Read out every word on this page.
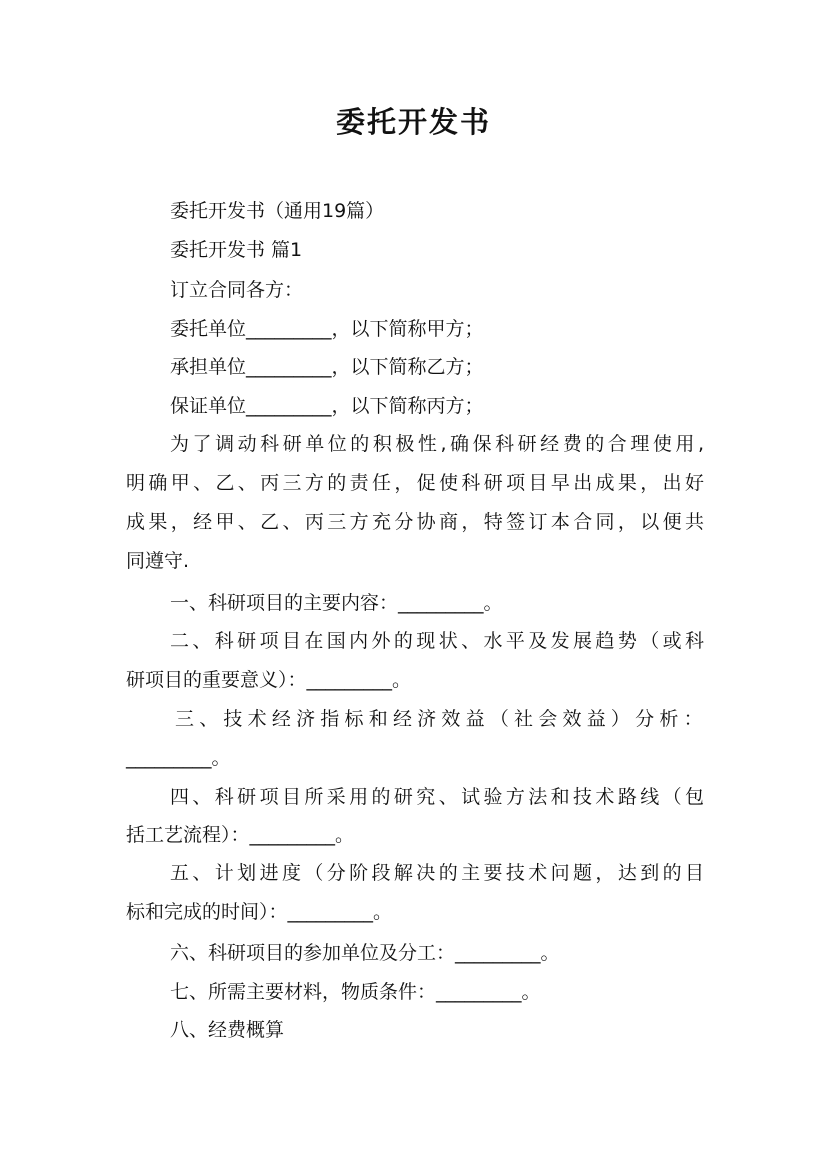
委托开发书

委托开发书（通用19篇）

委托开发书 篇1

订立合同各方：

委托单位_________，以下简称甲方；

承担单位_________，以下简称乙方；

保证单位_________，以下简称丙方；

为了调动科研单位的积极性,确保科研经费的合理使用,

明确甲、乙、丙三方的责任，促使科研项目早出成果，出好

成果，经甲、乙、丙三方充分协商，特签订本合同，以便共

同遵守.

一、科研项目的主要内容：_________。

二、科研项目在国内外的现状、水平及发展趋势（或科

研项目的重要意义）：_________。

三、技术经济指标和经济效益（社会效益）分析：

_________。

四、科研项目所采用的研究、试验方法和技术路线（包

括工艺流程）：_________。

五、计划进度（分阶段解决的主要技术问题，达到的目

标和完成的时间）：_________。

六、科研项目的参加单位及分工：_________。

七、所需主要材料，物质条件：_________。

八、经费概算
